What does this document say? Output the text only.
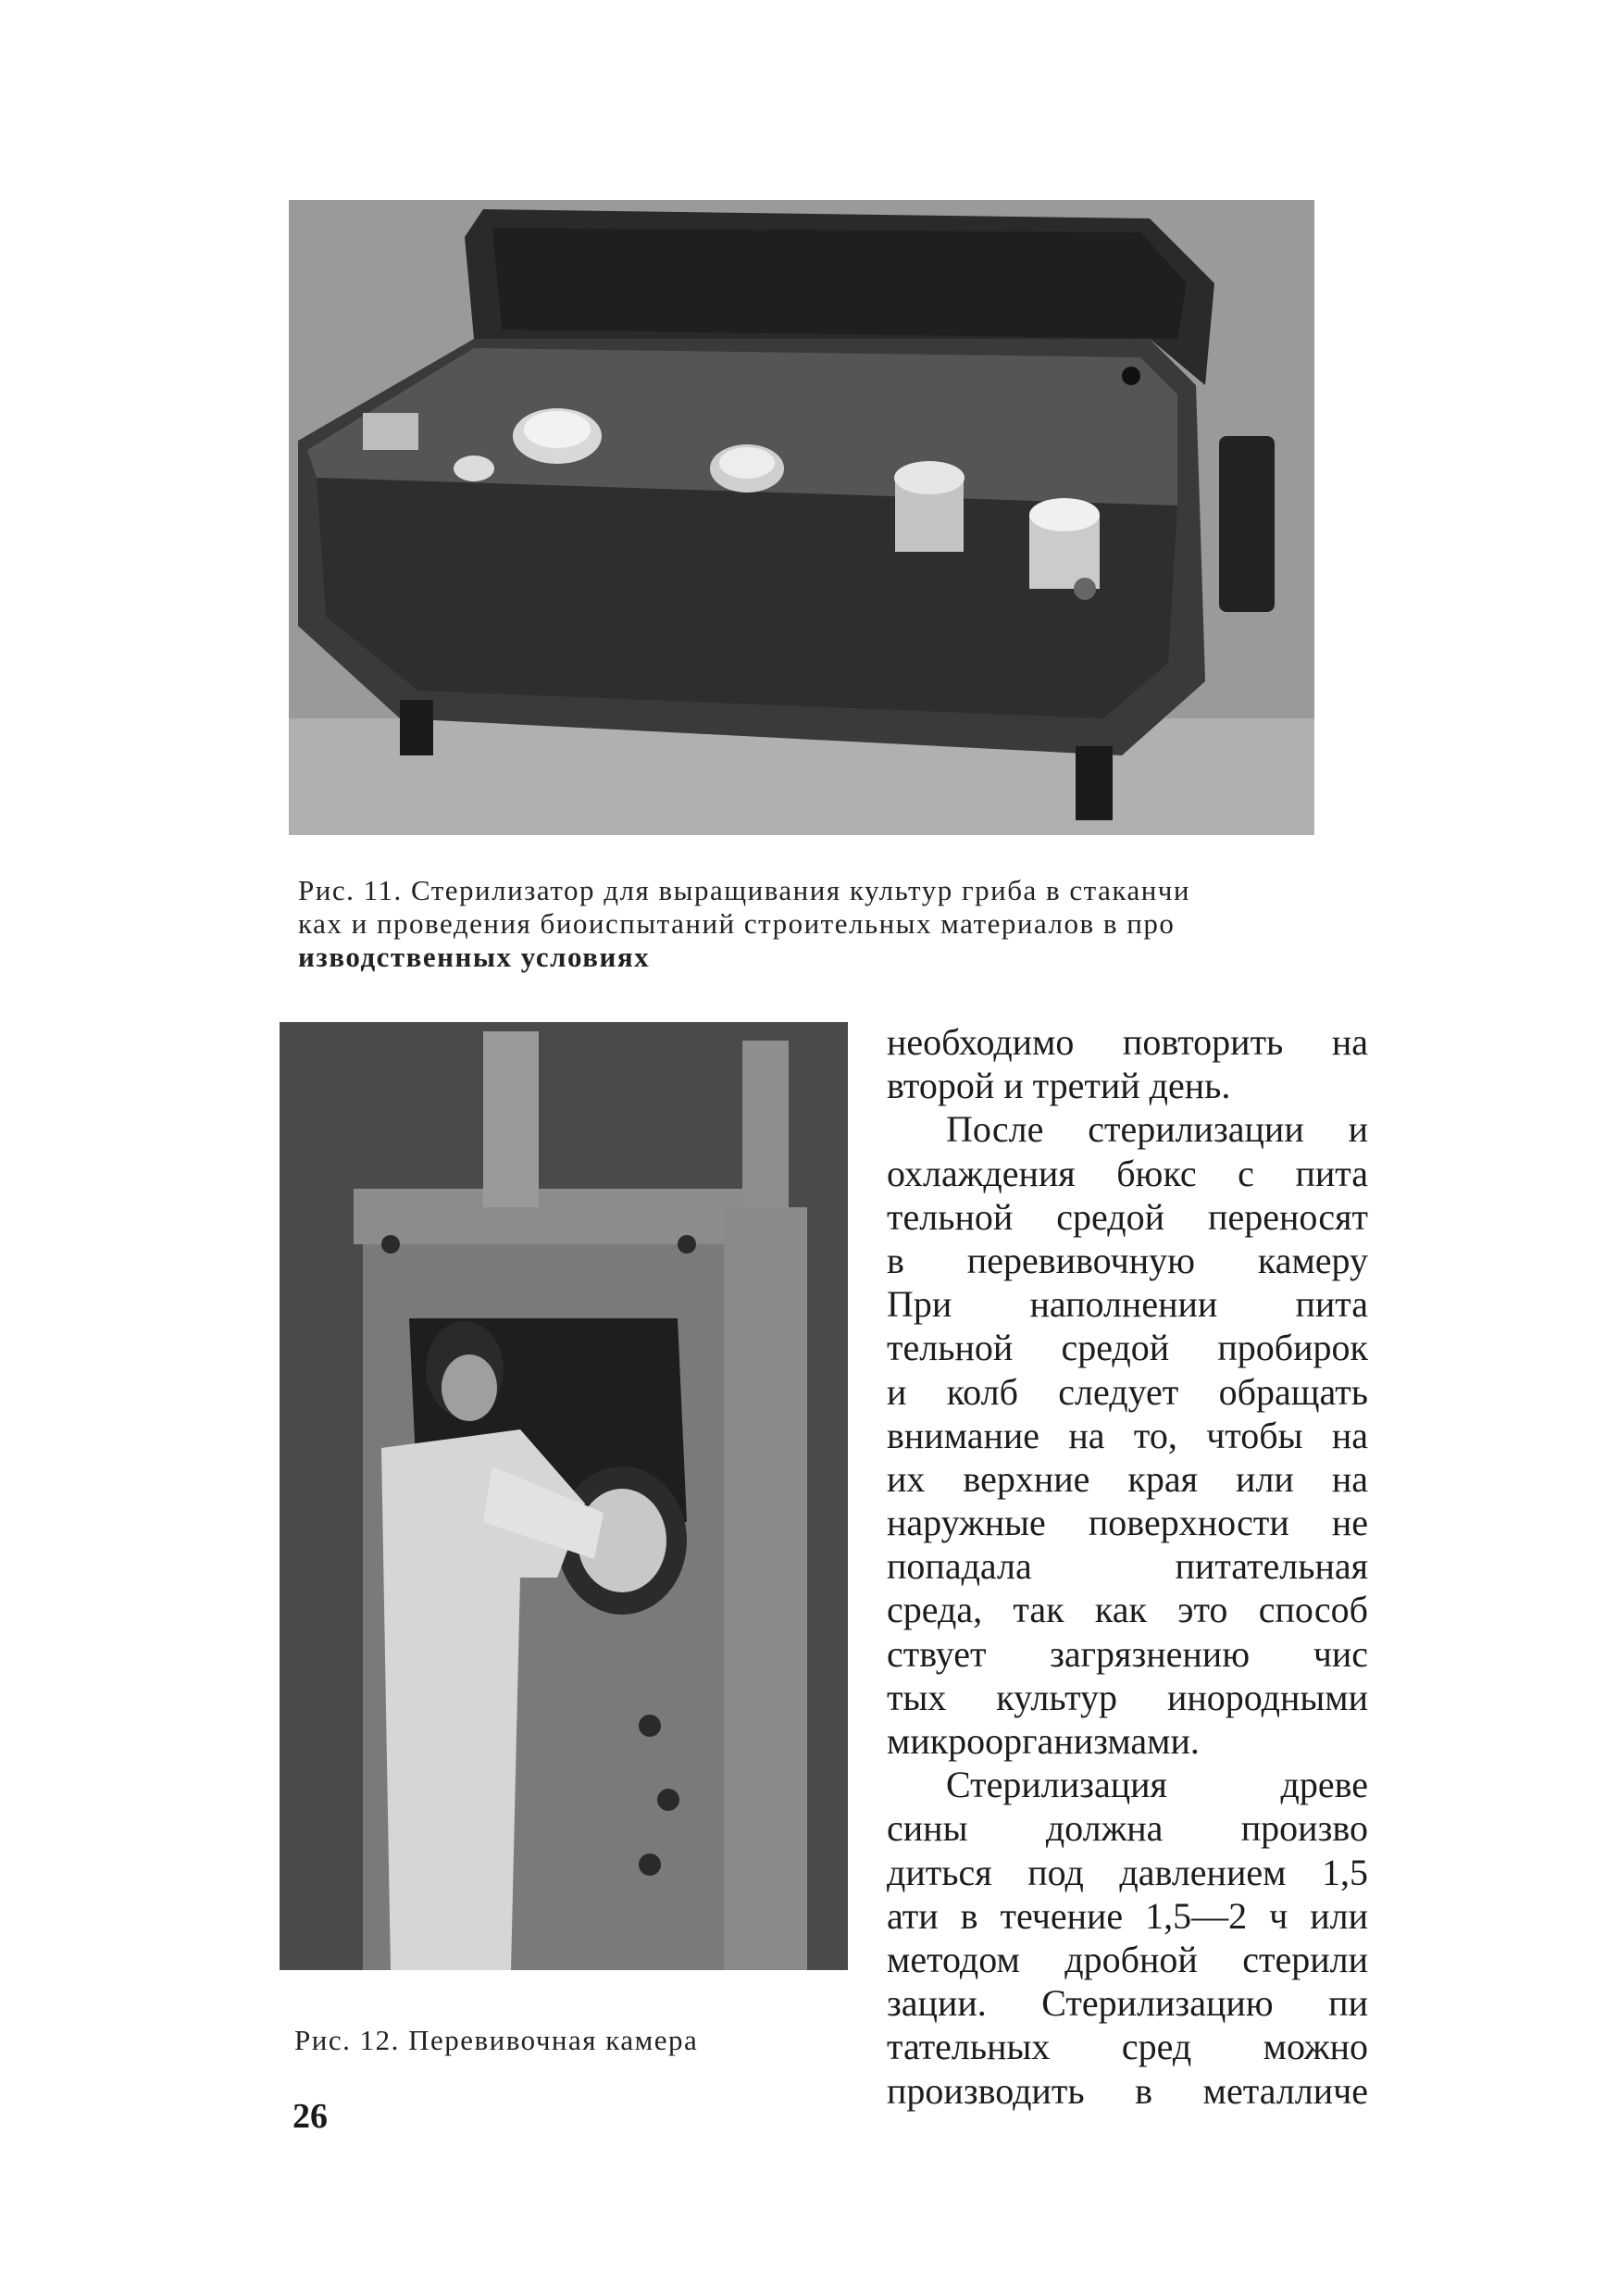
Рис. 11. Стерилизатор для выращивания культур гриба в стаканчи
ках и проведения биоиспытаний строительных материалов в про
изводственных условиях
Рис. 12. Перевивочная камера
необходимо повторить на
второй и третий день.
После стерилизации и
охлаждения бюкс с пита
тельной средой переносят
в перевивочную камеру
При наполнении пита
тельной средой пробирок
и колб следует обращать
внимание на то, чтобы на
их верхние края или на
наружные поверхности не
попадала питательная
среда, так как это способ
ствует загрязнению чис
тых культур инородными
микроорганизмами.
Стерилизация древе
сины должна произво
диться под давлением 1,5
ати в течение 1,5—2 ч или
методом дробной стерили
зации. Стерилизацию пи
тательных сред можно
производить в металличе
26
